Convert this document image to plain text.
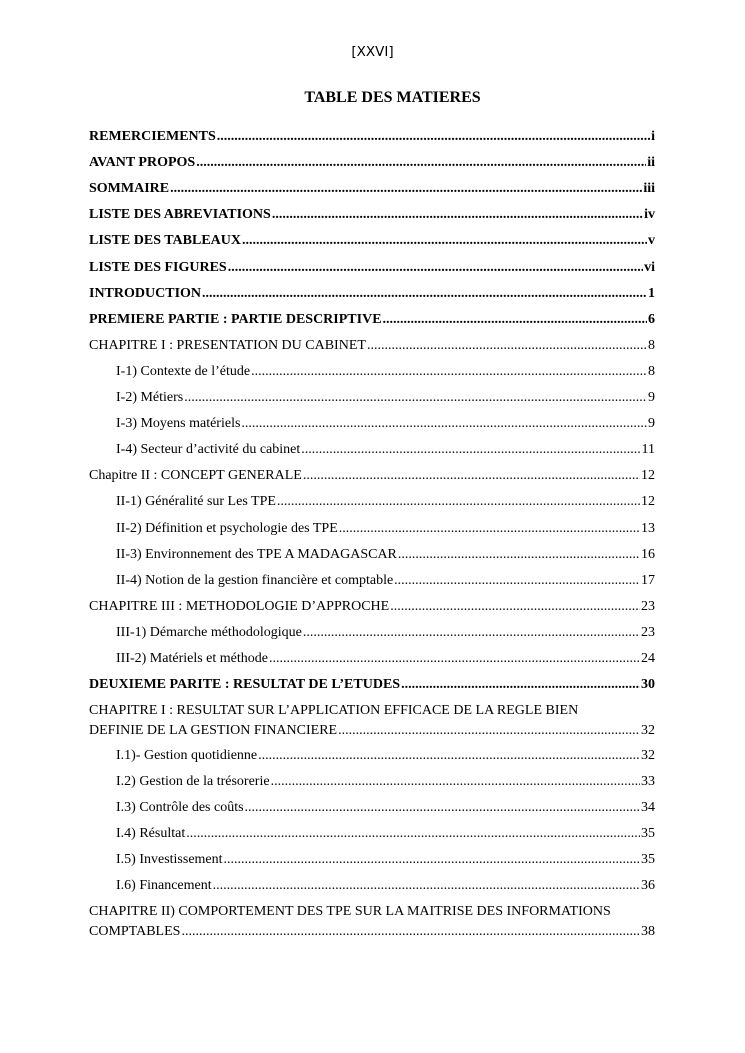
[XXVI]
TABLE DES MATIERES
REMERCIEMENTS .....	i
AVANT PROPOS .....	ii
SOMMAIRE .....	iii
LISTE DES ABREVIATIONS .....	iv
LISTE DES TABLEAUX .....	v
LISTE DES FIGURES .....	vi
INTRODUCTION .....	1
PREMIERE PARTIE : PARTIE DESCRIPTIVE .....	6
CHAPITRE I : PRESENTATION DU CABINET .....	8
I-1) Contexte de l’étude .....	8
I-2) Métiers .....	9
I-3) Moyens matériels .....	9
I-4) Secteur d’activité du cabinet .....	11
Chapitre II : CONCEPT GENERALE .....	12
II-1) Généralité sur Les TPE .....	12
II-2) Définition et psychologie des TPE .....	13
II-3) Environnement des TPE A MADAGASCAR .....	16
II-4) Notion de la gestion financière et comptable .....	17
CHAPITRE III : METHODOLOGIE D’APPROCHE .....	23
III-1) Démarche méthodologique .....	23
III-2) Matériels et méthode .....	24
DEUXIEME PARITE : RESULTAT DE L’ETUDES .....	30
CHAPITRE I : RESULTAT SUR L’APPLICATION EFFICACE DE LA REGLE BIEN
DEFINIE DE LA GESTION FINANCIERE .....	32
I.1)- Gestion quotidienne .....	32
I.2) Gestion de la trésorerie .....	33
I.3) Contrôle des coûts .....	34
I.4) Résultat .....	35
I.5) Investissement .....	35
I.6) Financement .....	36
CHAPITRE II) COMPORTEMENT DES TPE SUR LA MAITRISE DES INFORMATIONS
COMPTABLES .....	38
